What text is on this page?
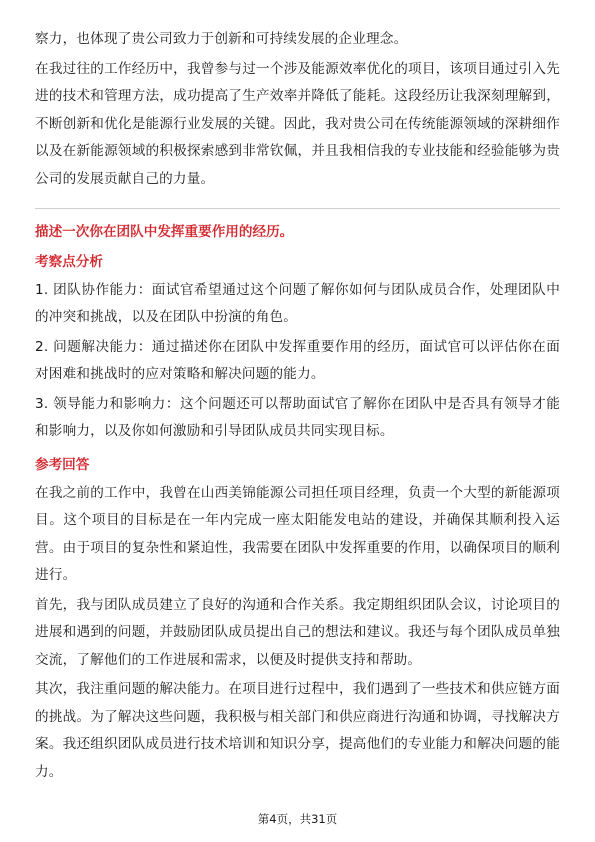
察力，也体现了贵公司致力于创新和可持续发展的企业理念。

在我过往的工作经历中，我曾参与过一个涉及能源效率优化的项目，该项目通过引入先进的技术和管理方法，成功提高了生产效率并降低了能耗。这段经历让我深刻理解到，不断创新和优化是能源行业发展的关键。因此，我对贵公司在传统能源领域的深耕细作以及在新能源领域的积极探索感到非常钦佩，并且我相信我的专业技能和经验能够为贵公司的发展贡献自己的力量。

描述一次你在团队中发挥重要作用的经历。
考察点分析

1. 团队协作能力：面试官希望通过这个问题了解你如何与团队成员合作，处理团队中的冲突和挑战，以及在团队中扮演的角色。

2. 问题解决能力：通过描述你在团队中发挥重要作用的经历，面试官可以评估你在面对困难和挑战时的应对策略和解决问题的能力。

3. 领导能力和影响力：这个问题还可以帮助面试官了解你在团队中是否具有领导才能和影响力，以及你如何激励和引导团队成员共同实现目标。

参考回答

在我之前的工作中，我曾在山西美锦能源公司担任项目经理，负责一个大型的新能源项目。这个项目的目标是在一年内完成一座太阳能发电站的建设，并确保其顺利投入运营。由于项目的复杂性和紧迫性，我需要在团队中发挥重要的作用，以确保项目的顺利进行。

首先，我与团队成员建立了良好的沟通和合作关系。我定期组织团队会议，讨论项目的进展和遇到的问题，并鼓励团队成员提出自己的想法和建议。我还与每个团队成员单独交流，了解他们的工作进展和需求，以便及时提供支持和帮助。

其次，我注重问题的解决能力。在项目进行过程中，我们遇到了一些技术和供应链方面的挑战。为了解决这些问题，我积极与相关部门和供应商进行沟通和协调，寻找解决方案。我还组织团队成员进行技术培训和知识分享，提高他们的专业能力和解决问题的能力。

第4页，共31页
